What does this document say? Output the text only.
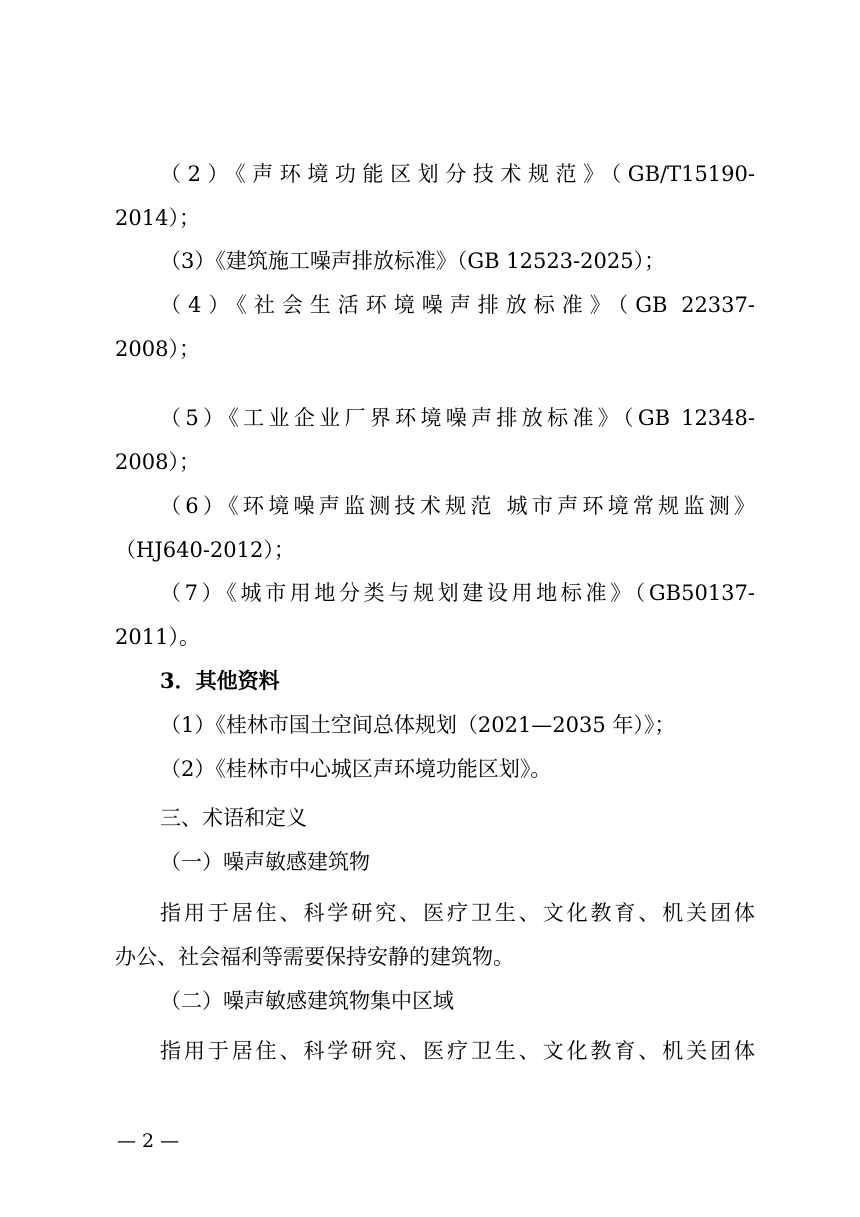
（2）《声环境功能区划分技术规范》（GB/T15190-
2014）；
（3）《建筑施工噪声排放标准》（GB 12523-2025）；
（4）《社会生活环境噪声排放标准》（GB 22337-
2008）；
（5）《工业企业厂界环境噪声排放标准》（GB 12348-
2008）；
（6）《环境噪声监测技术规范 城市声环境常规监测》
（HJ640-2012）；
（7）《城市用地分类与规划建设用地标准》（GB50137-
2011）。
3．其他资料
（1）《桂林市国土空间总体规划（2021—2035 年）》；
（2）《桂林市中心城区声环境功能区划》。
三、术语和定义
（一）噪声敏感建筑物
指用于居住、科学研究、医疗卫生、文化教育、机关团体
办公、社会福利等需要保持安静的建筑物。
（二）噪声敏感建筑物集中区域
指用于居住、科学研究、医疗卫生、文化教育、机关团体
— 2 —
